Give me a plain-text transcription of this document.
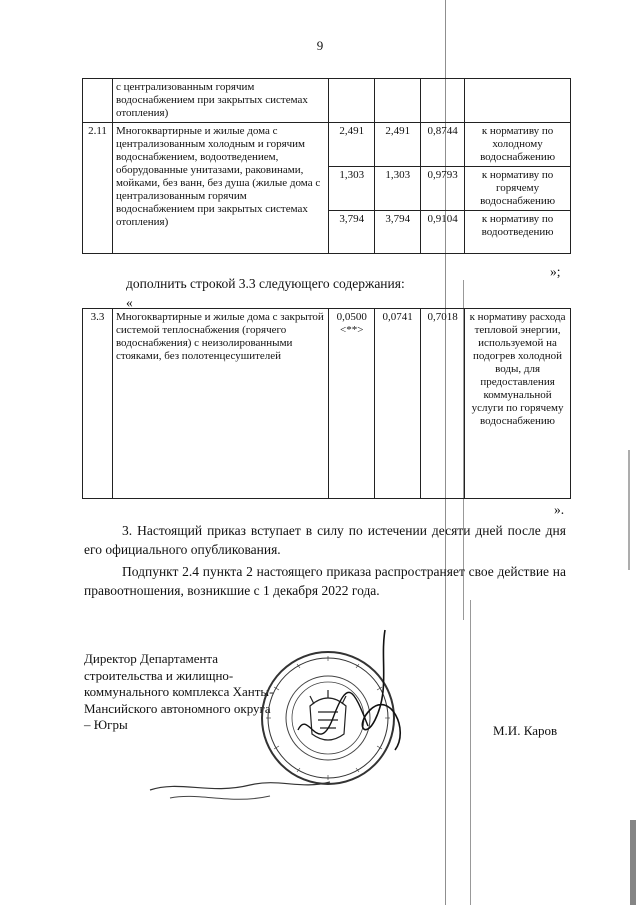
9
	с централизованным горячим водоснабжением при закрытых системах отопления)				
2.11	Многоквартирные и жилые дома с централизованным холодным и горячим водоснабжением, водоотведением, оборудованные унитазами, раковинами, мойками, без ванн, без душа (жилые дома с централизованным горячим водоснабжением при закрытых системах отопления)	2,491	2,491	0,8744	к нормативу по холодному водоснабжению
		1,303	1,303	0,9793	к нормативу по горячему водоснабжению
		3,794	3,794	0,9104	к нормативу по водоотведению
»;
дополнить строкой 3.3 следующего содержания:
«
3.3	Многоквартирные и жилые дома с закрытой системой теплоснабжения (горячего водоснабжения) с неизолированными стояками, без полотенцесушителей	0,0500 <**>	0,0741	0,7018	к нормативу расхода тепловой энергии, используемой на подогрев холодной воды, для предоставления коммунальной услуги по горячему водоснабжению
».
3. Настоящий приказ вступает в силу по истечении десяти дней после дня его официального опубликования.
Подпункт 2.4 пункта 2 настоящего приказа распространяет свое действие на правоотношения, возникшие с 1 декабря 2022 года.
Директор Департамента строительства и жилищно-коммунального комплекса Ханты-Мансийского автономного округа – Югры	М.И. Каров
